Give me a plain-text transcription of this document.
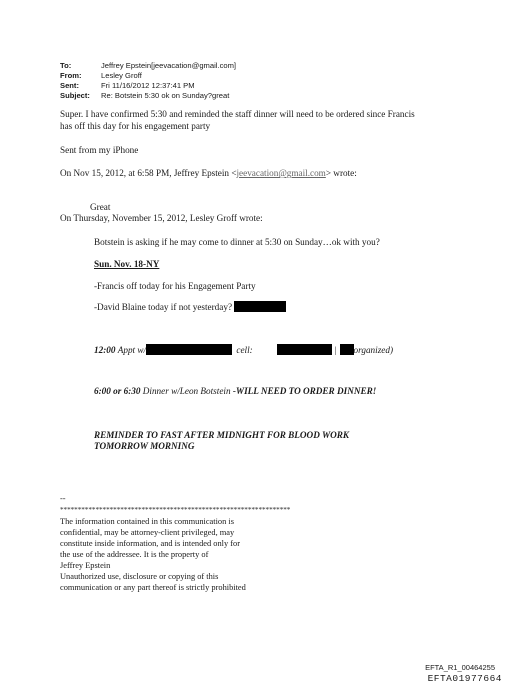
To:	Jeffrey Epstein[jeevacation@gmail.com]
From:	Lesley Groff
Sent:	Fri 11/16/2012 12:37:41 PM
Subject: Re: Botstein 5:30 ok on Sunday?great
Super. I have confirmed 5:30 and reminded the staff dinner will need to be ordered since Francis
has off this day for his engagement party
Sent from my iPhone
On Nov 15, 2012, at 6:58 PM, Jeffrey Epstein <jeevacation@gmail.com> wrote:
Great
On Thursday, November 15, 2012, Lesley Groff wrote:
Botstein is asking if he may come to dinner at 5:30 on Sunday…ok with you?
Sun. Nov. 18-NY
-Francis off today for his Engagement Party
-David Blaine today if not yesterday?
12:00 Appt w/	cell:	| organized)
6:00 or 6:30 Dinner w/Leon Botstein -WILL NEED TO ORDER DINNER!
REMINDER TO FAST AFTER MIDNIGHT FOR BLOOD WORK
TOMORROW MORNING
--
*****************************************************************
The information contained in this communication is
confidential, may be attorney-client privileged, may
constitute inside information, and is intended only for
the use of the addressee. It is the property of
Jeffrey Epstein
Unauthorized use, disclosure or copying of this
communication or any part thereof is strictly prohibited
EFTA_R1_00464255
EFTA01977664
